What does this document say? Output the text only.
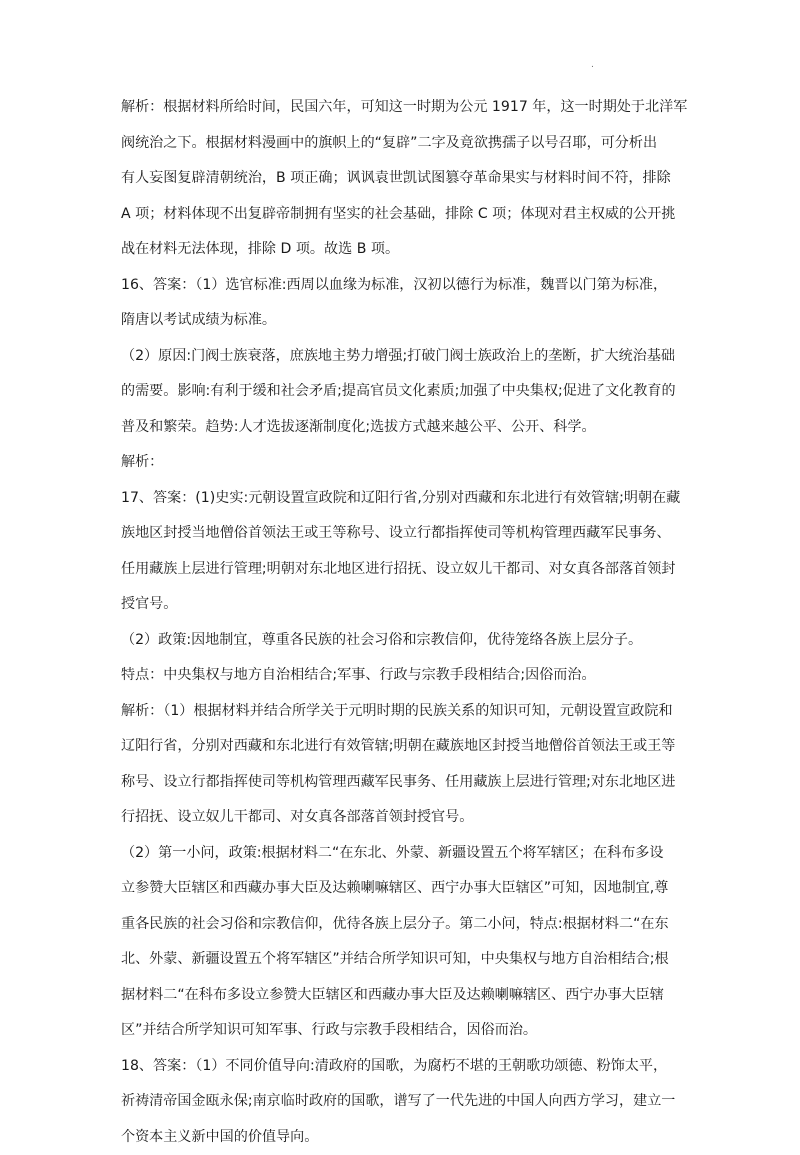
.

解析：根据材料所给时间，民国六年，可知这一时期为公元 1917 年，这一时期处于北洋军
阀统治之下。根据材料漫画中的旗帜上的“复辟”二字及竟欲携孺子以号召耶，可分析出
有人妄图复辟清朝统治，B 项正确；讽讽袁世凯试图篡夺革命果实与材料时间不符，排除
A 项；材料体现不出复辟帝制拥有坚实的社会基础，排除 C 项；体现对君主权威的公开挑
战在材料无法体现，排除 D 项。故选 B 项。

16、答案：（1）选官标准:西周以血缘为标准，汉初以德行为标准，魏晋以门第为标准，
隋唐以考试成绩为标准。

（2）原因:门阀士族衰落，庶族地主势力增强;打破门阀士族政治上的垄断，扩大统治基础
的需要。影响:有利于缓和社会矛盾;提高官员文化素质;加强了中央集权;促进了文化教育的
普及和繁荣。趋势:人才选拔逐渐制度化;选拔方式越来越公平、公开、科学。

解析：

17、答案：(1)史实:元朝设置宣政院和辽阳行省,分别对西藏和东北进行有效管辖;明朝在藏
族地区封授当地僧俗首领法王或王等称号、设立行都指挥使司等机构管理西藏军民事务、
任用藏族上层进行管理;明朝对东北地区进行招抚、设立奴儿干都司、对女真各部落首领封
授官号。

（2）政策:因地制宜，尊重各民族的社会习俗和宗教信仰，优待笼络各族上层分子。

特点：中央集权与地方自治相结合;军事、行政与宗教手段相结合;因俗而治。

解析：（1）根据材料并结合所学关于元明时期的民族关系的知识可知，元朝设置宣政院和
辽阳行省，分别对西藏和东北进行有效管辖;明朝在藏族地区封授当地僧俗首领法王或王等
称号、设立行都指挥使司等机构管理西藏军民事务、任用藏族上层进行管理;对东北地区进
行招抚、设立奴儿干都司、对女真各部落首领封授官号。

（2）第一小问，政策:根据材料二“在东北、外蒙、新疆设置五个将军辖区；在科布多设
立参赞大臣辖区和西藏办事大臣及达赖喇嘛辖区、西宁办事大臣辖区”可知，因地制宜,尊
重各民族的社会习俗和宗教信仰，优待各族上层分子。第二小问，特点:根据材料二“在东
北、外蒙、新疆设置五个将军辖区”并结合所学知识可知，中央集权与地方自治相结合;根
据材料二“在科布多设立参赞大臣辖区和西藏办事大臣及达赖喇嘛辖区、西宁办事大臣辖
区”并结合所学知识可知军事、行政与宗教手段相结合，因俗而治。

18、答案：（1）不同价值导向:清政府的国歌，为腐朽不堪的王朝歌功颂德、粉饰太平，
祈祷清帝国金瓯永保;南京临时政府的国歌，谱写了一代先进的中国人向西方学习，建立一
个资本主义新中国的价值导向。
